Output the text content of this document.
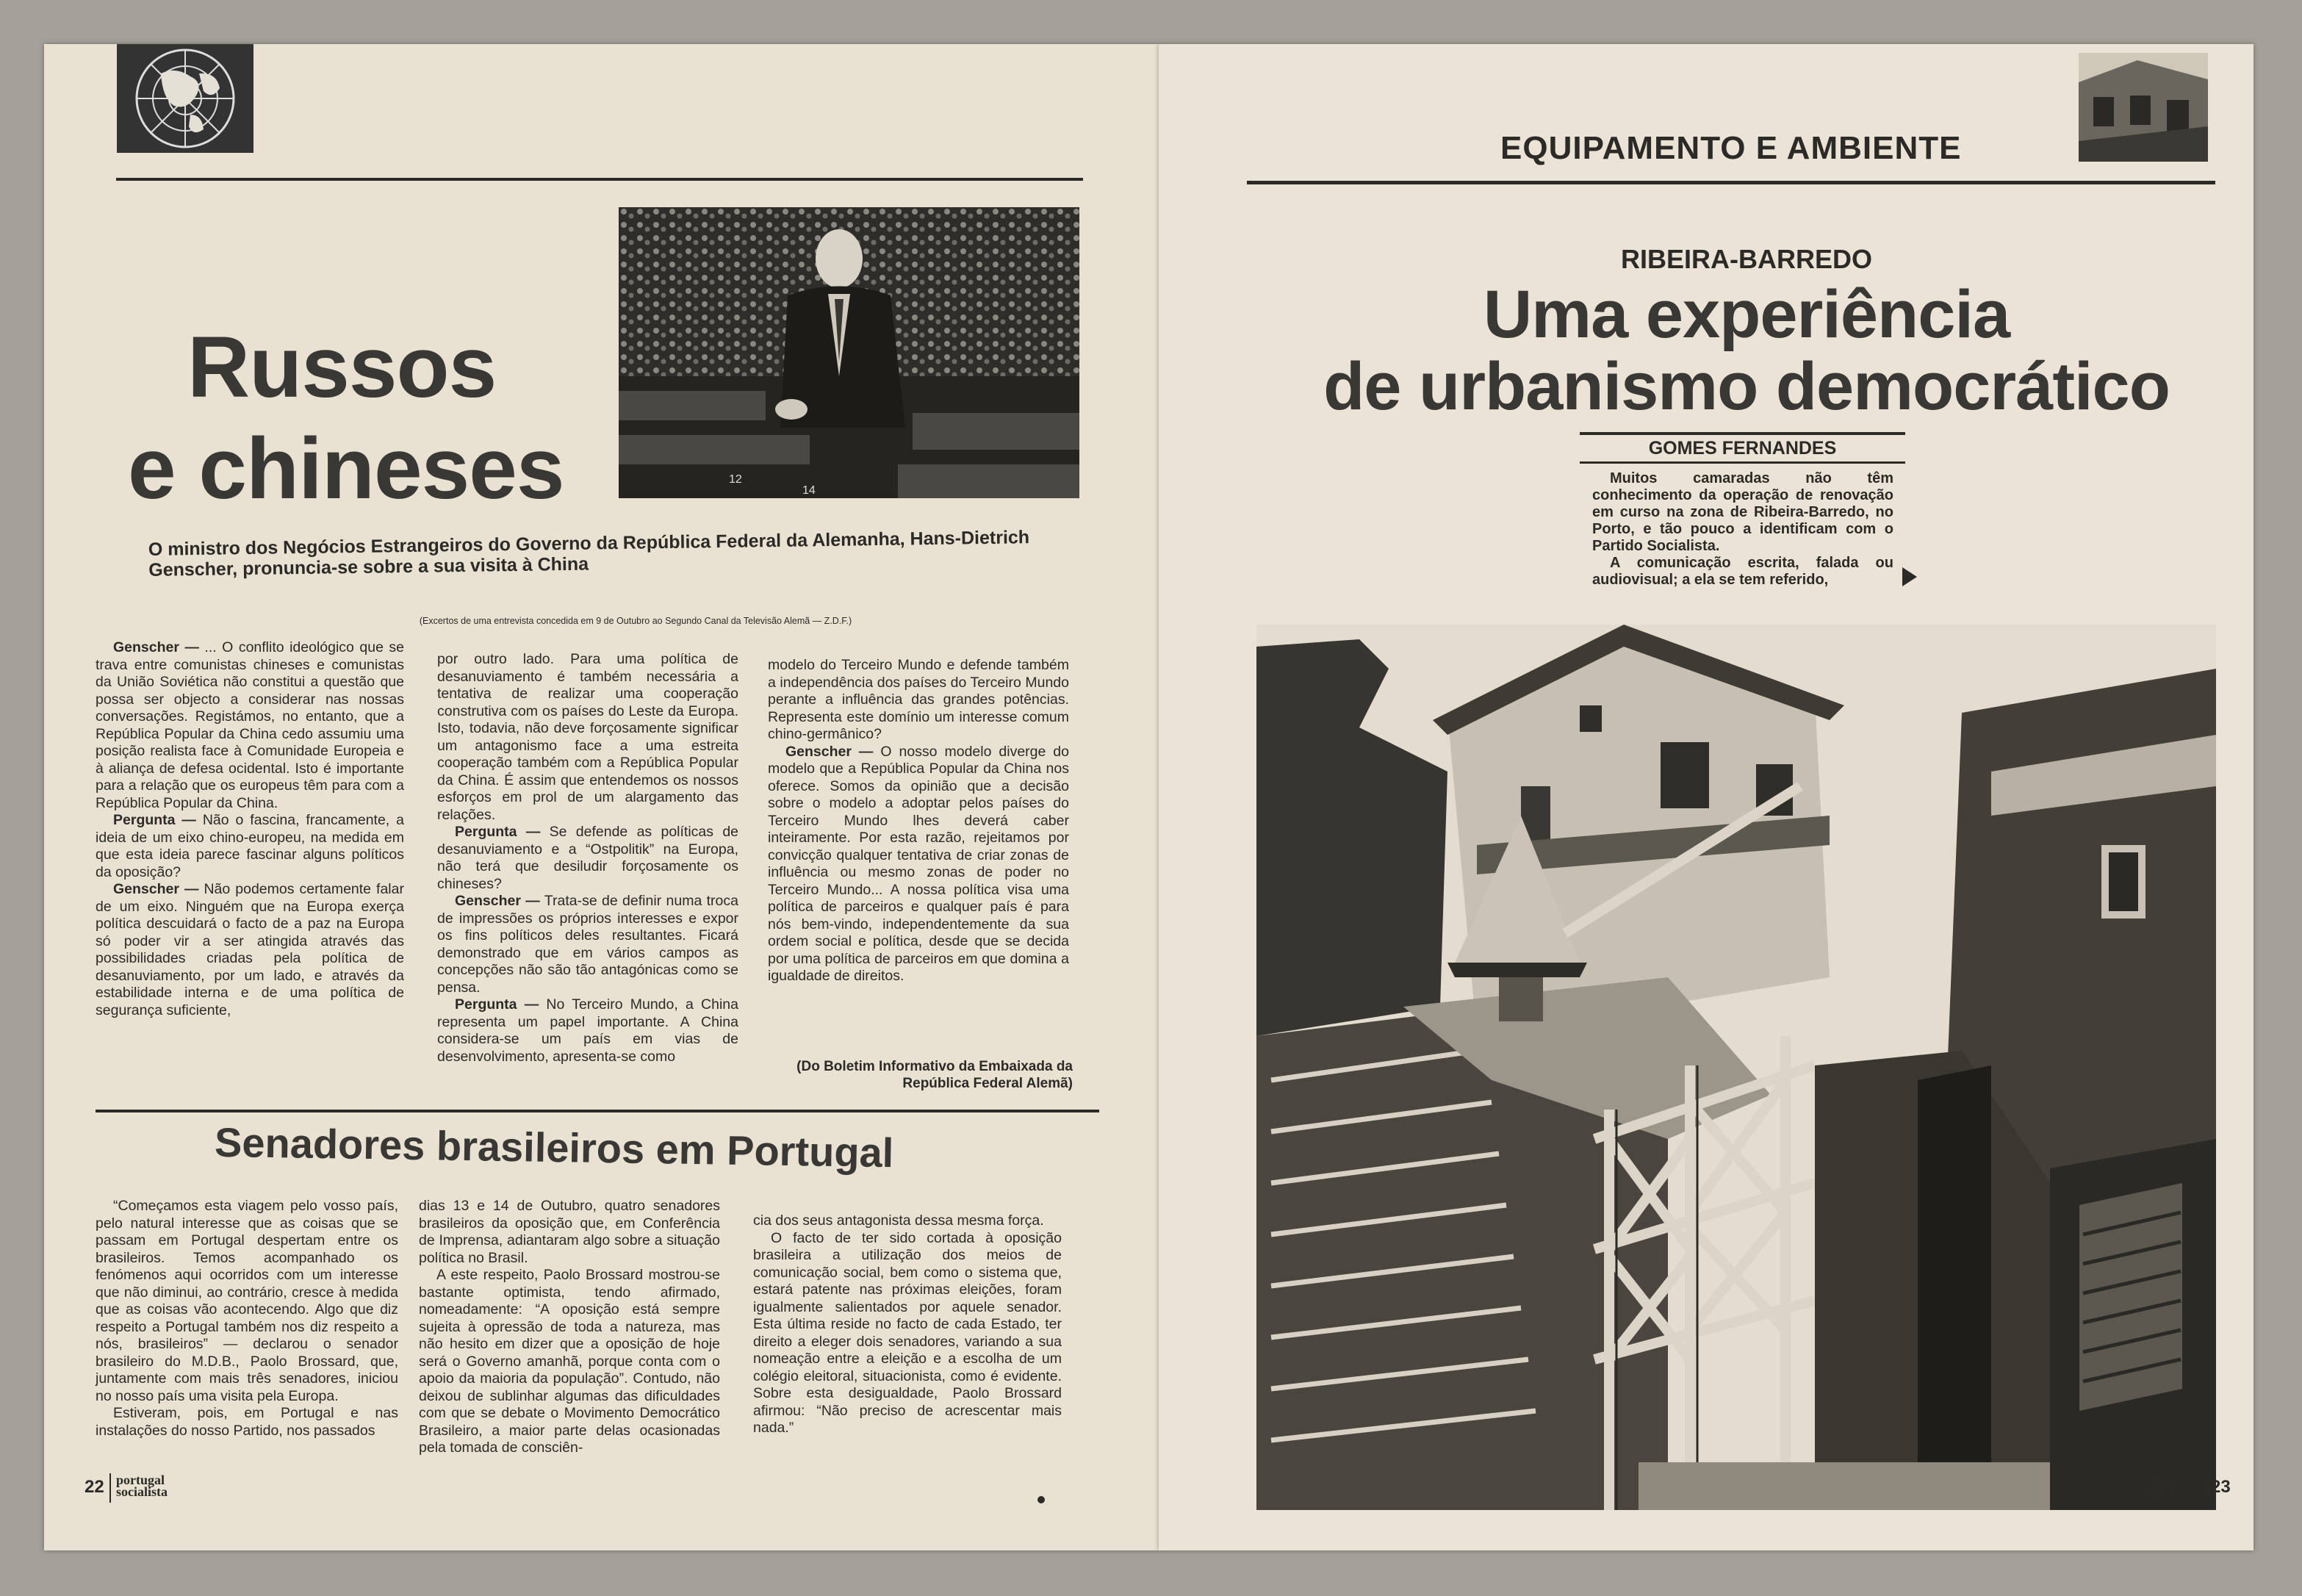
12
14
Russos
e chineses
O ministro dos Negócios Estrangeiros do Governo da República Federal da Alemanha, Hans-Dietrich Genscher, pronuncia-se sobre a sua visita à China
(Excertos de uma entrevista concedida em 9 de Outubro ao Segundo Canal da Televisão Alemã — Z.D.F.)

Genscher — ... O conflito ideológico que se trava entre comunistas chineses e comunistas da União Soviética não constitui a questão que possa ser objecto a considerar nas nossas conversações. Registámos, no entanto, que a República Popular da China cedo assumiu uma posição realista face à Comunidade Europeia e à aliança de defesa ocidental. Isto é importante para a relação que os europeus têm para com a República Popular da China.

Pergunta — Não o fascina, francamente, a ideia de um eixo chino-europeu, na medida em que esta ideia parece fascinar alguns políticos da oposição?

Genscher — Não podemos certamente falar de um eixo. Ninguém que na Europa exerça política descuidará o facto de a paz na Europa só poder vir a ser atingida através das possibilidades criadas pela política de desanuviamento, por um lado, e através da estabilidade interna e de uma política de segurança suficiente,

por outro lado. Para uma política de desanuviamento é também necessária a tentativa de realizar uma cooperação construtiva com os países do Leste da Europa. Isto, todavia, não deve forçosamente significar um antagonismo face a uma estreita cooperação também com a República Popular da China. É assim que entendemos os nossos esforços em prol de um alargamento das relações.

Pergunta — Se defende as políticas de desanuviamento e a “Ostpolitik” na Europa, não terá que desiludir forçosamente os chineses?

Genscher — Trata-se de definir numa troca de impressões os próprios interesses e expor os fins políticos deles resultantes. Ficará demonstrado que em vários campos as concepções não são tão antagónicas como se pensa.

Pergunta — No Terceiro Mundo, a China representa um papel importante. A China considera-se um país em vias de desenvolvimento, apresenta-se como

modelo do Terceiro Mundo e defende também a independência dos países do Terceiro Mundo perante a influência das grandes potências. Representa este domínio um interesse comum chino-germânico?

Genscher — O nosso modelo diverge do modelo que a República Popular da China nos oferece. Somos da opinião que a decisão sobre o modelo a adoptar pelos países do Terceiro Mundo lhes deverá caber inteiramente. Por esta razão, rejeitamos por convicção qualquer tentativa de criar zonas de influência ou mesmo zonas de poder no Terceiro Mundo... A nossa política visa uma política de parceiros e qualquer país é para nós bem-vindo, independentemente da sua ordem social e política, desde que se decida por uma política de parceiros em que domina a igualdade de direitos.

(Do Boletim Informativo da Embaixada da República Federal Alemã)
Senadores brasileiros em Portugal

“Começamos esta viagem pelo vosso país, pelo natural interesse que as coisas que se passam em Portugal despertam entre os brasileiros. Temos acompanhado os fenómenos aqui ocorridos com um interesse que não diminui, ao contrário, cresce à medida que as coisas vão acontecendo. Algo que diz respeito a Portugal também nos diz respeito a nós, brasileiros” — declarou o senador brasileiro do M.D.B., Paolo Brossard, que, juntamente com mais três senadores, iniciou no nosso país uma visita pela Europa.

Estiveram, pois, em Portugal e nas instalações do nosso Partido, nos passados

dias 13 e 14 de Outubro, quatro senadores brasileiros da oposição que, em Conferência de Imprensa, adiantaram algo sobre a situação política no Brasil.

A este respeito, Paolo Brossard mostrou-se bastante optimista, tendo afirmado, nomeadamente: “A oposição está sempre sujeita à opressão de toda a natureza, mas não hesito em dizer que a oposição de hoje será o Governo amanhã, porque conta com o apoio da maioria da população”. Contudo, não deixou de sublinhar algumas das dificuldades com que se debate o Movimento Democrático Brasileiro, a maior parte delas ocasionadas pela tomada de consciên-

cia dos seus antagonista dessa mesma força.

O facto de ter sido cortada à oposição brasileira a utilização dos meios de comunicação social, bem como o sistema que, estará patente nas próximas eleições, foram igualmente salientados por aquele senador. Esta última reside no facto de cada Estado, ter direito a eleger dois senadores, variando a sua nomeação entre a eleição e a escolha de um colégio eleitoral, situacionista, como é evidente. Sobre esta desigualdade, Paolo Brossard afirmou: “Não preciso de acrescentar mais nada.”

22 portugal
socialista
EQUIPAMENTO E AMBIENTE
RIBEIRA-BARREDO
Uma experiência
de urbanismo democrático
GOMES FERNANDES

Muitos camaradas não têm conhecimento da operação de renovação em curso na zona de Ribeira-Barredo, no Porto, e tão pouco a identificam com o Partido Socialista.

A comunicação escrita, falada ou audiovisual; a ela se tem referido,

portugal
socialista 23
